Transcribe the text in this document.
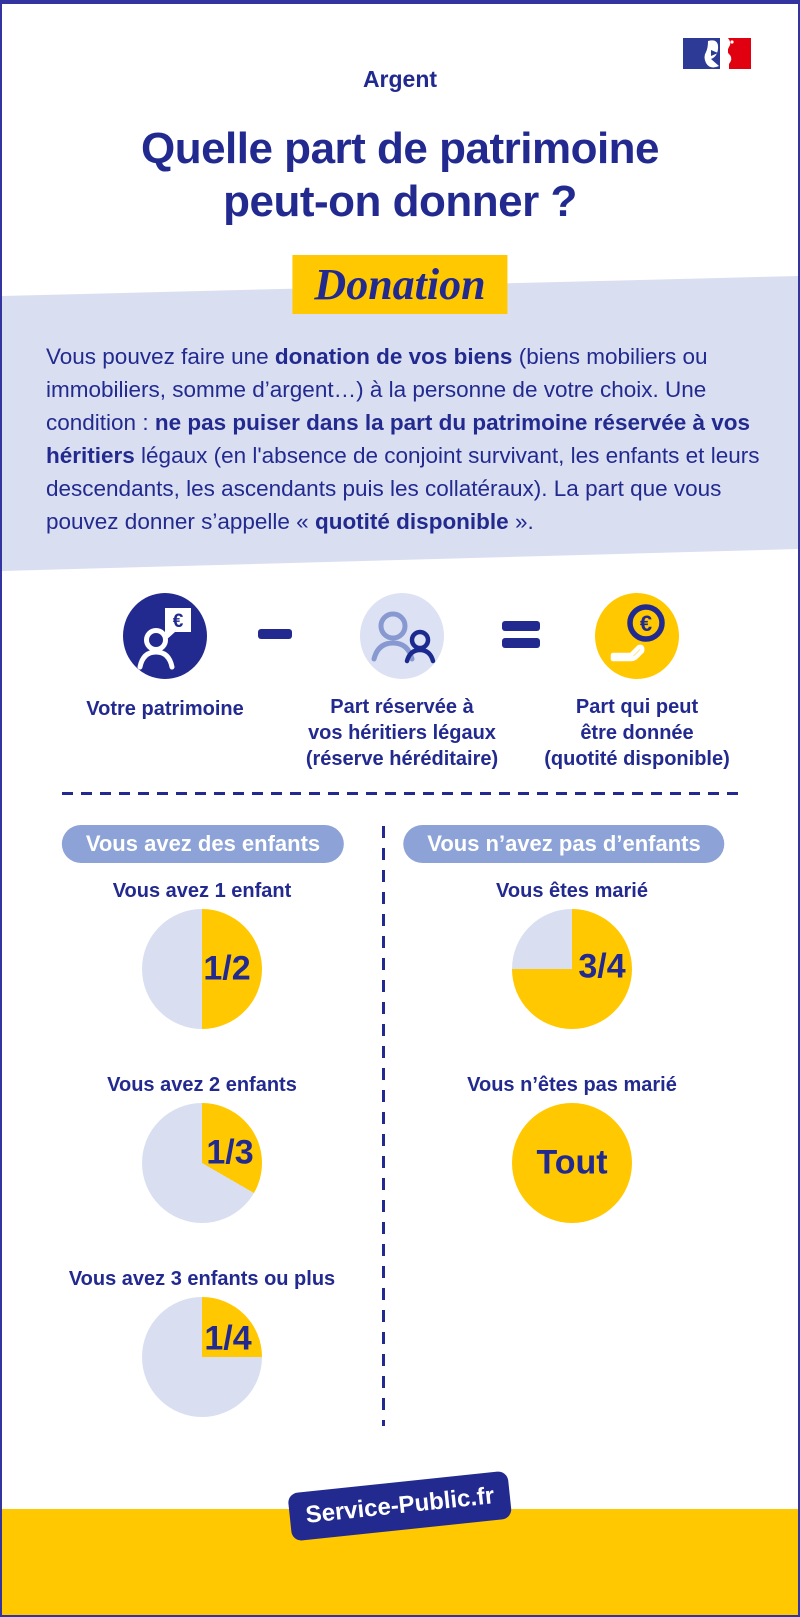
Argent
Quelle part de patrimoine
peut-on donner ?
Donation

Vous pouvez faire une donation de vos biens (biens mobiliers ou immobiliers, somme d’argent…) à la personne de votre choix. Une condition : ne pas puiser dans la part du patrimoine réservée à vos héritiers légaux (en l'absence de conjoint survivant, les enfants et leurs descendants, les ascendants puis les collatéraux). La part que vous pouvez donner s’appelle « quotité disponible ».

€	€
Votre patrimoine	Part réservée à
vos héritiers légaux
(réserve héréditaire)
Part qui peut
être donnée
(quotité disponible)
Vous avez des enfants	Vous n’avez pas d’enfants
Vous avez 1 enfant
1/2
Vous avez 2 enfants
1/3
Vous avez 3 enfants ou plus
1/4
Vous êtes marié
3/4
Vous n’êtes pas marié
Tout
Service-Public.fr
